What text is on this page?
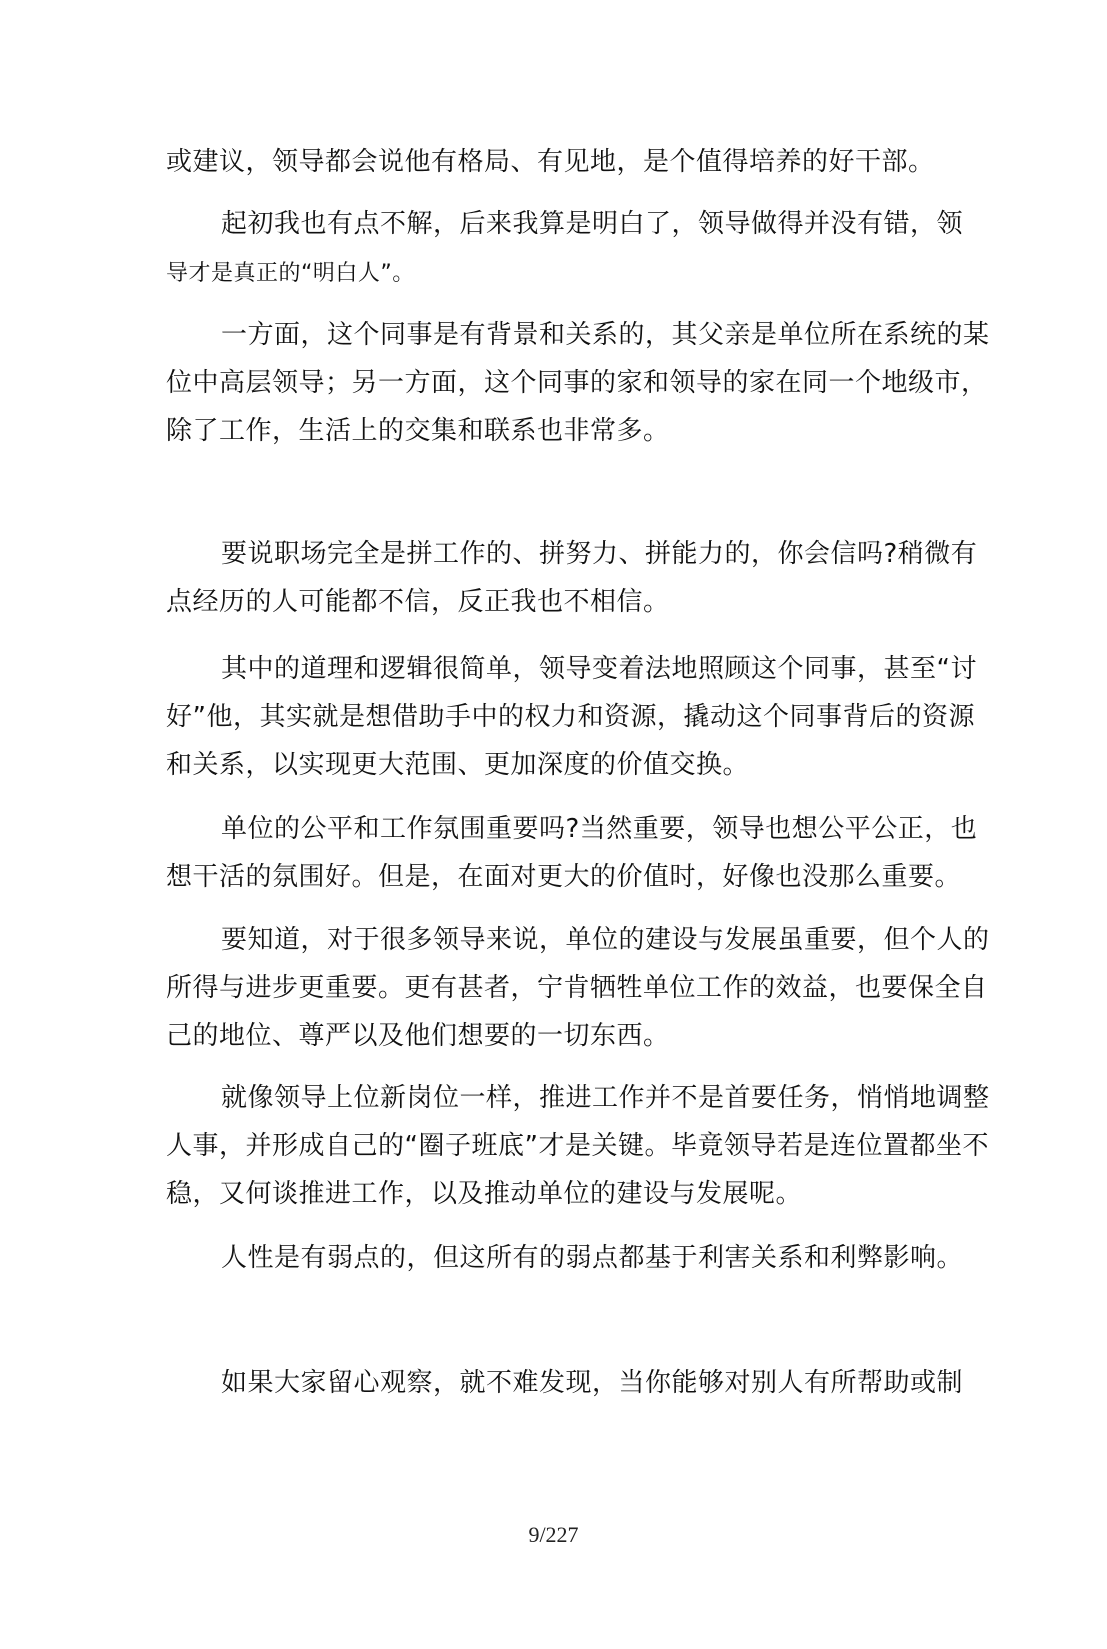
或建议，领导都会说他有格局、有见地，是个值得培养的好干部。

起初我也有点不解，后来我算是明白了，领导做得并没有错，领

导才是真正的“明白人”。

一方面，这个同事是有背景和关系的，其父亲是单位所在系统的某位中高层领导；另一方面，这个同事的家和领导的家在同一个地级市，除了工作，生活上的交集和联系也非常多。

要说职场完全是拼工作的、拼努力、拼能力的，你会信吗?稍微有点经历的人可能都不信，反正我也不相信。

其中的道理和逻辑很简单，领导变着法地照顾这个同事，甚至“讨好”他，其实就是想借助手中的权力和资源，撬动这个同事背后的资源和关系，以实现更大范围、更加深度的价值交换。

单位的公平和工作氛围重要吗?当然重要，领导也想公平公正，也想干活的氛围好。但是，在面对更大的价值时，好像也没那么重要。

要知道，对于很多领导来说，单位的建设与发展虽重要，但个人的所得与进步更重要。更有甚者，宁肯牺牲单位工作的效益，也要保全自己的地位、尊严以及他们想要的一切东西。

就像领导上位新岗位一样，推进工作并不是首要任务，悄悄地调整人事，并形成自己的“圈子班底”才是关键。毕竟领导若是连位置都坐不稳，又何谈推进工作，以及推动单位的建设与发展呢。

人性是有弱点的，但这所有的弱点都基于利害关系和利弊影响。

如果大家留心观察，就不难发现，当你能够对别人有所帮助或制

9/227
